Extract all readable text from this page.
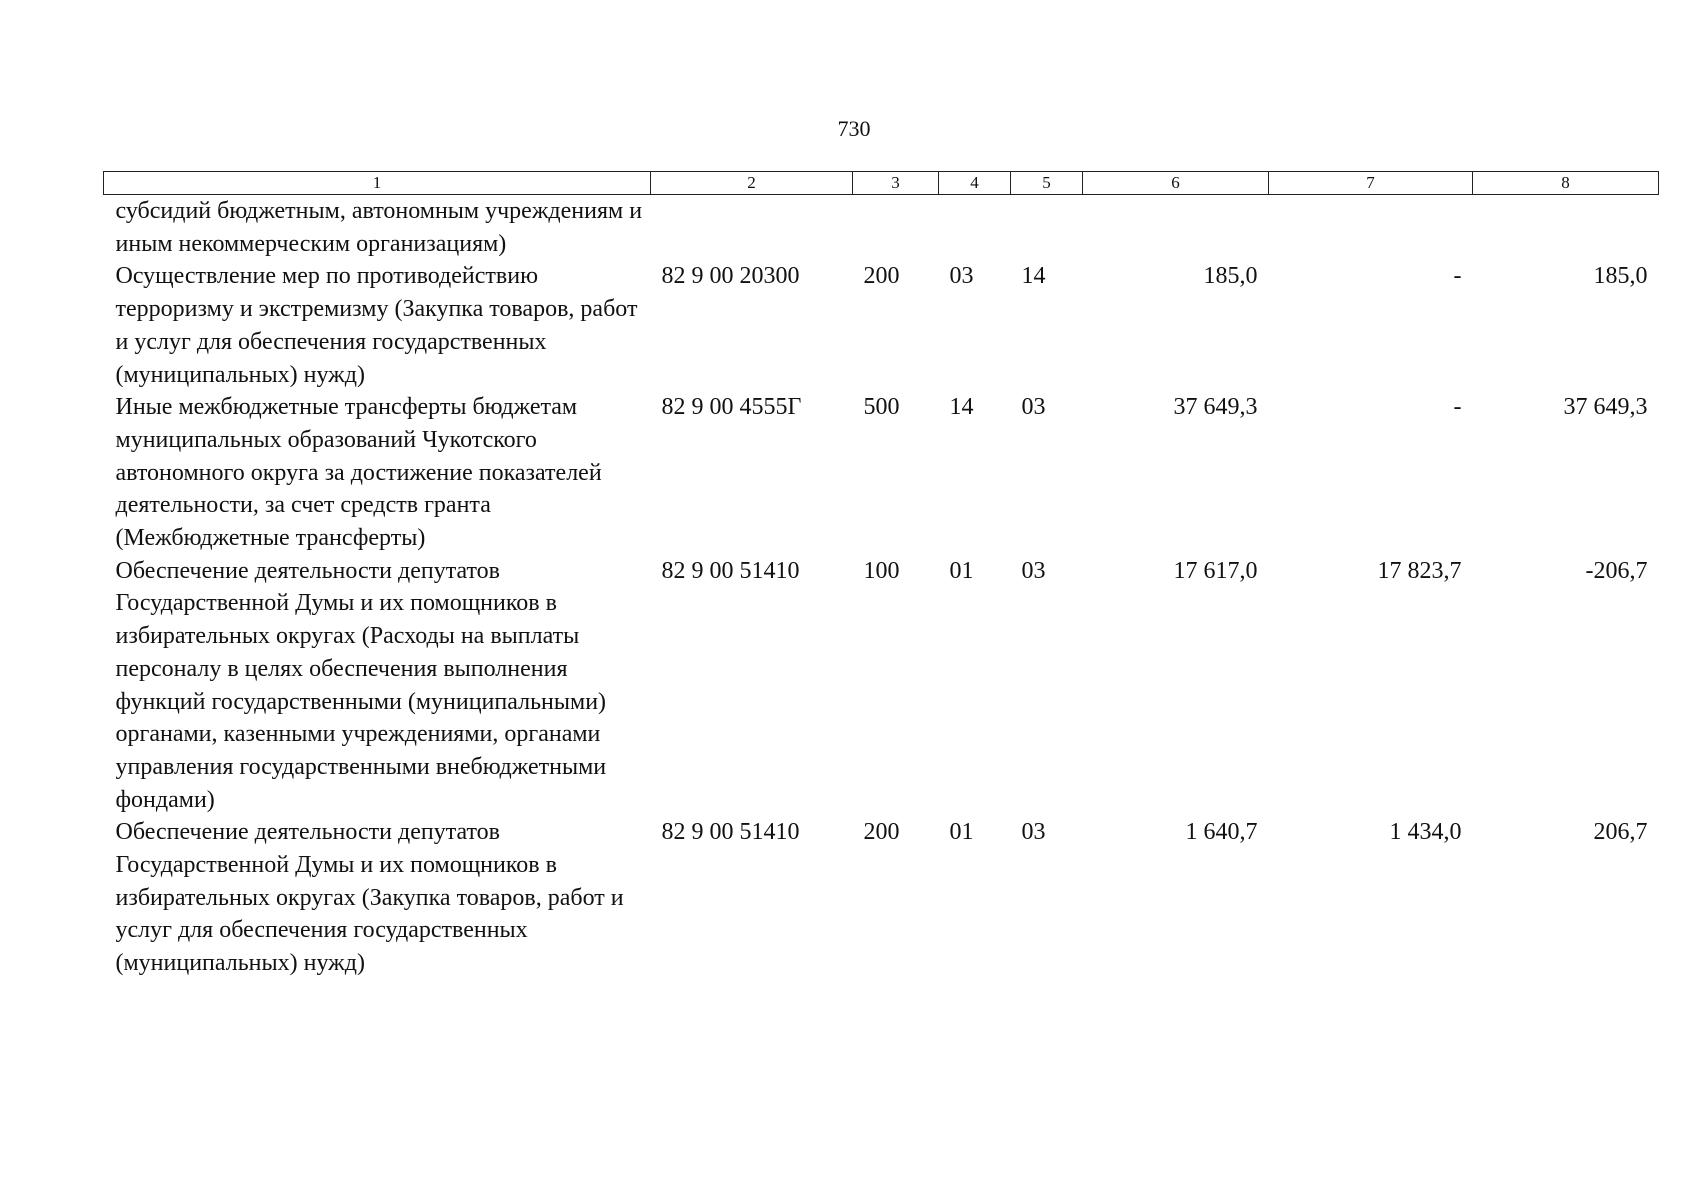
730
1	2	3	4	5	6	7	8
субсидий бюджетным, автономным учреждениям и иным некоммерческим организациям)							
Осуществление мер по противодействию терроризму и экстремизму (Закупка товаров, работ и услуг для обеспечения государственных (муниципальных) нужд)	82 9 00 20300	200	03	14	185,0	-	185,0
Иные межбюджетные трансферты бюджетам муниципальных образований Чукотского автономного округа за достижение показателей деятельности, за счет средств гранта (Межбюджетные трансферты)	82 9 00 4555Г	500	14	03	37 649,3	-	37 649,3
Обеспечение деятельности депутатов Государственной Думы и их помощников в избирательных округах (Расходы на выплаты персоналу в целях обеспечения выполнения функций государственными (муниципальными) органами, казенными учреждениями, органами управления государственными внебюджетными фондами)	82 9 00 51410	100	01	03	17 617,0	17 823,7	-206,7
Обеспечение деятельности депутатов Государственной Думы и их помощников в избирательных округах (Закупка товаров, работ и услуг для обеспечения государственных (муниципальных) нужд)	82 9 00 51410	200	01	03	1 640,7	1 434,0	206,7
